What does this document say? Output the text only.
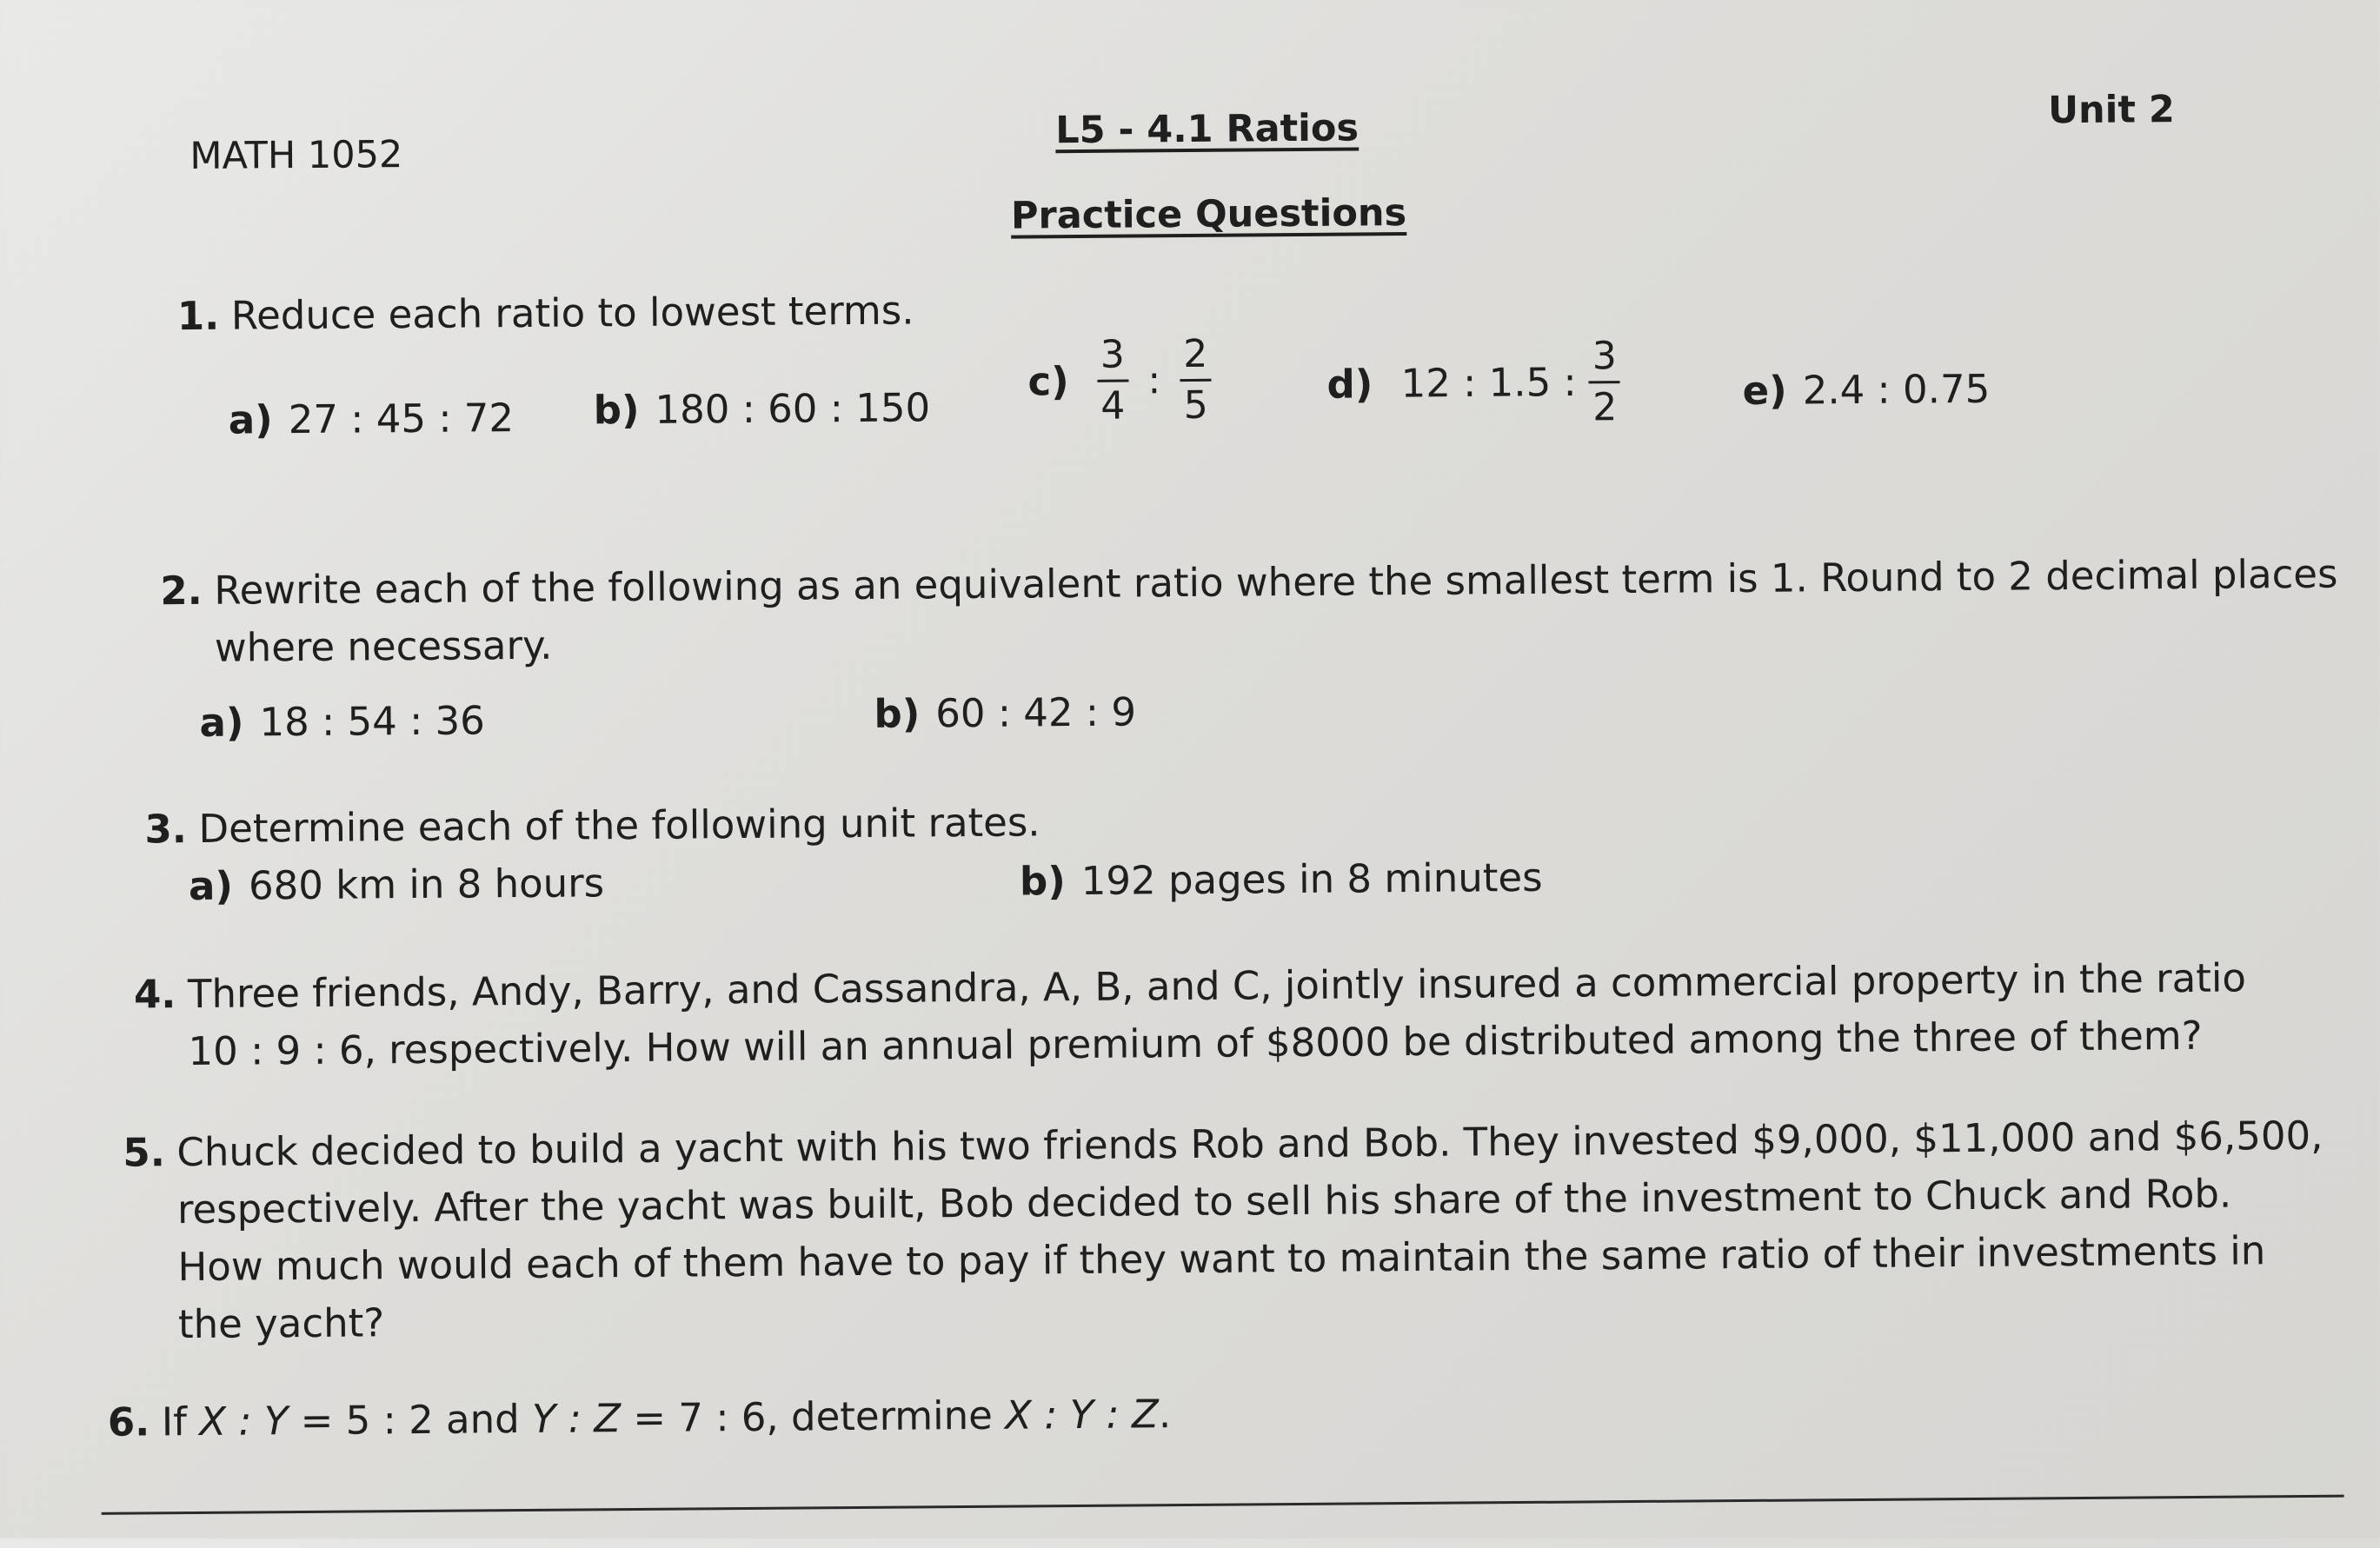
MATH 1052
L5 - 4.1 Ratios
Practice Questions
Unit 2
1. Reduce each ratio to lowest terms.
a) 27 : 45 : 72 b) 180 : 60 : 150
$c) \frac{3}{4}$ : $\frac{2}{5}$	d) 12 : 1.5 : $\frac{3}{2}$	e) 2.4 : 0.75
2. Rewrite each of the following as an equivalent ratio where the smallest term is 1. Round to 2 decimal places
where necessary.
a) 18 : 54 : 36	b) 60 : 42 : 9
3. Determine each of the following unit rates.
a) 680 km in 8 hours	b) 192 pages in 8 minutes
4. Three friends, Andy, Barry, and Cassandra, A, B, and C, jointly insured a commercial property in the ratio
10 : 9 : 6, respectively. How will an annual premium of $8000 be distributed among the three of them?
5. Chuck decided to build a yacht with his two friends Rob and Bob. They invested $9,000, $11,000 and $6,500,
respectively. After the yacht was built, Bob decided to sell his share of the investment to Chuck and Rob.
How much would each of them have to pay if they want to maintain the same ratio of their investments in
the yacht?
6. If X : Y = 5 : 2 and Y : Z = 7 : 6, determine X : Y : Z.
